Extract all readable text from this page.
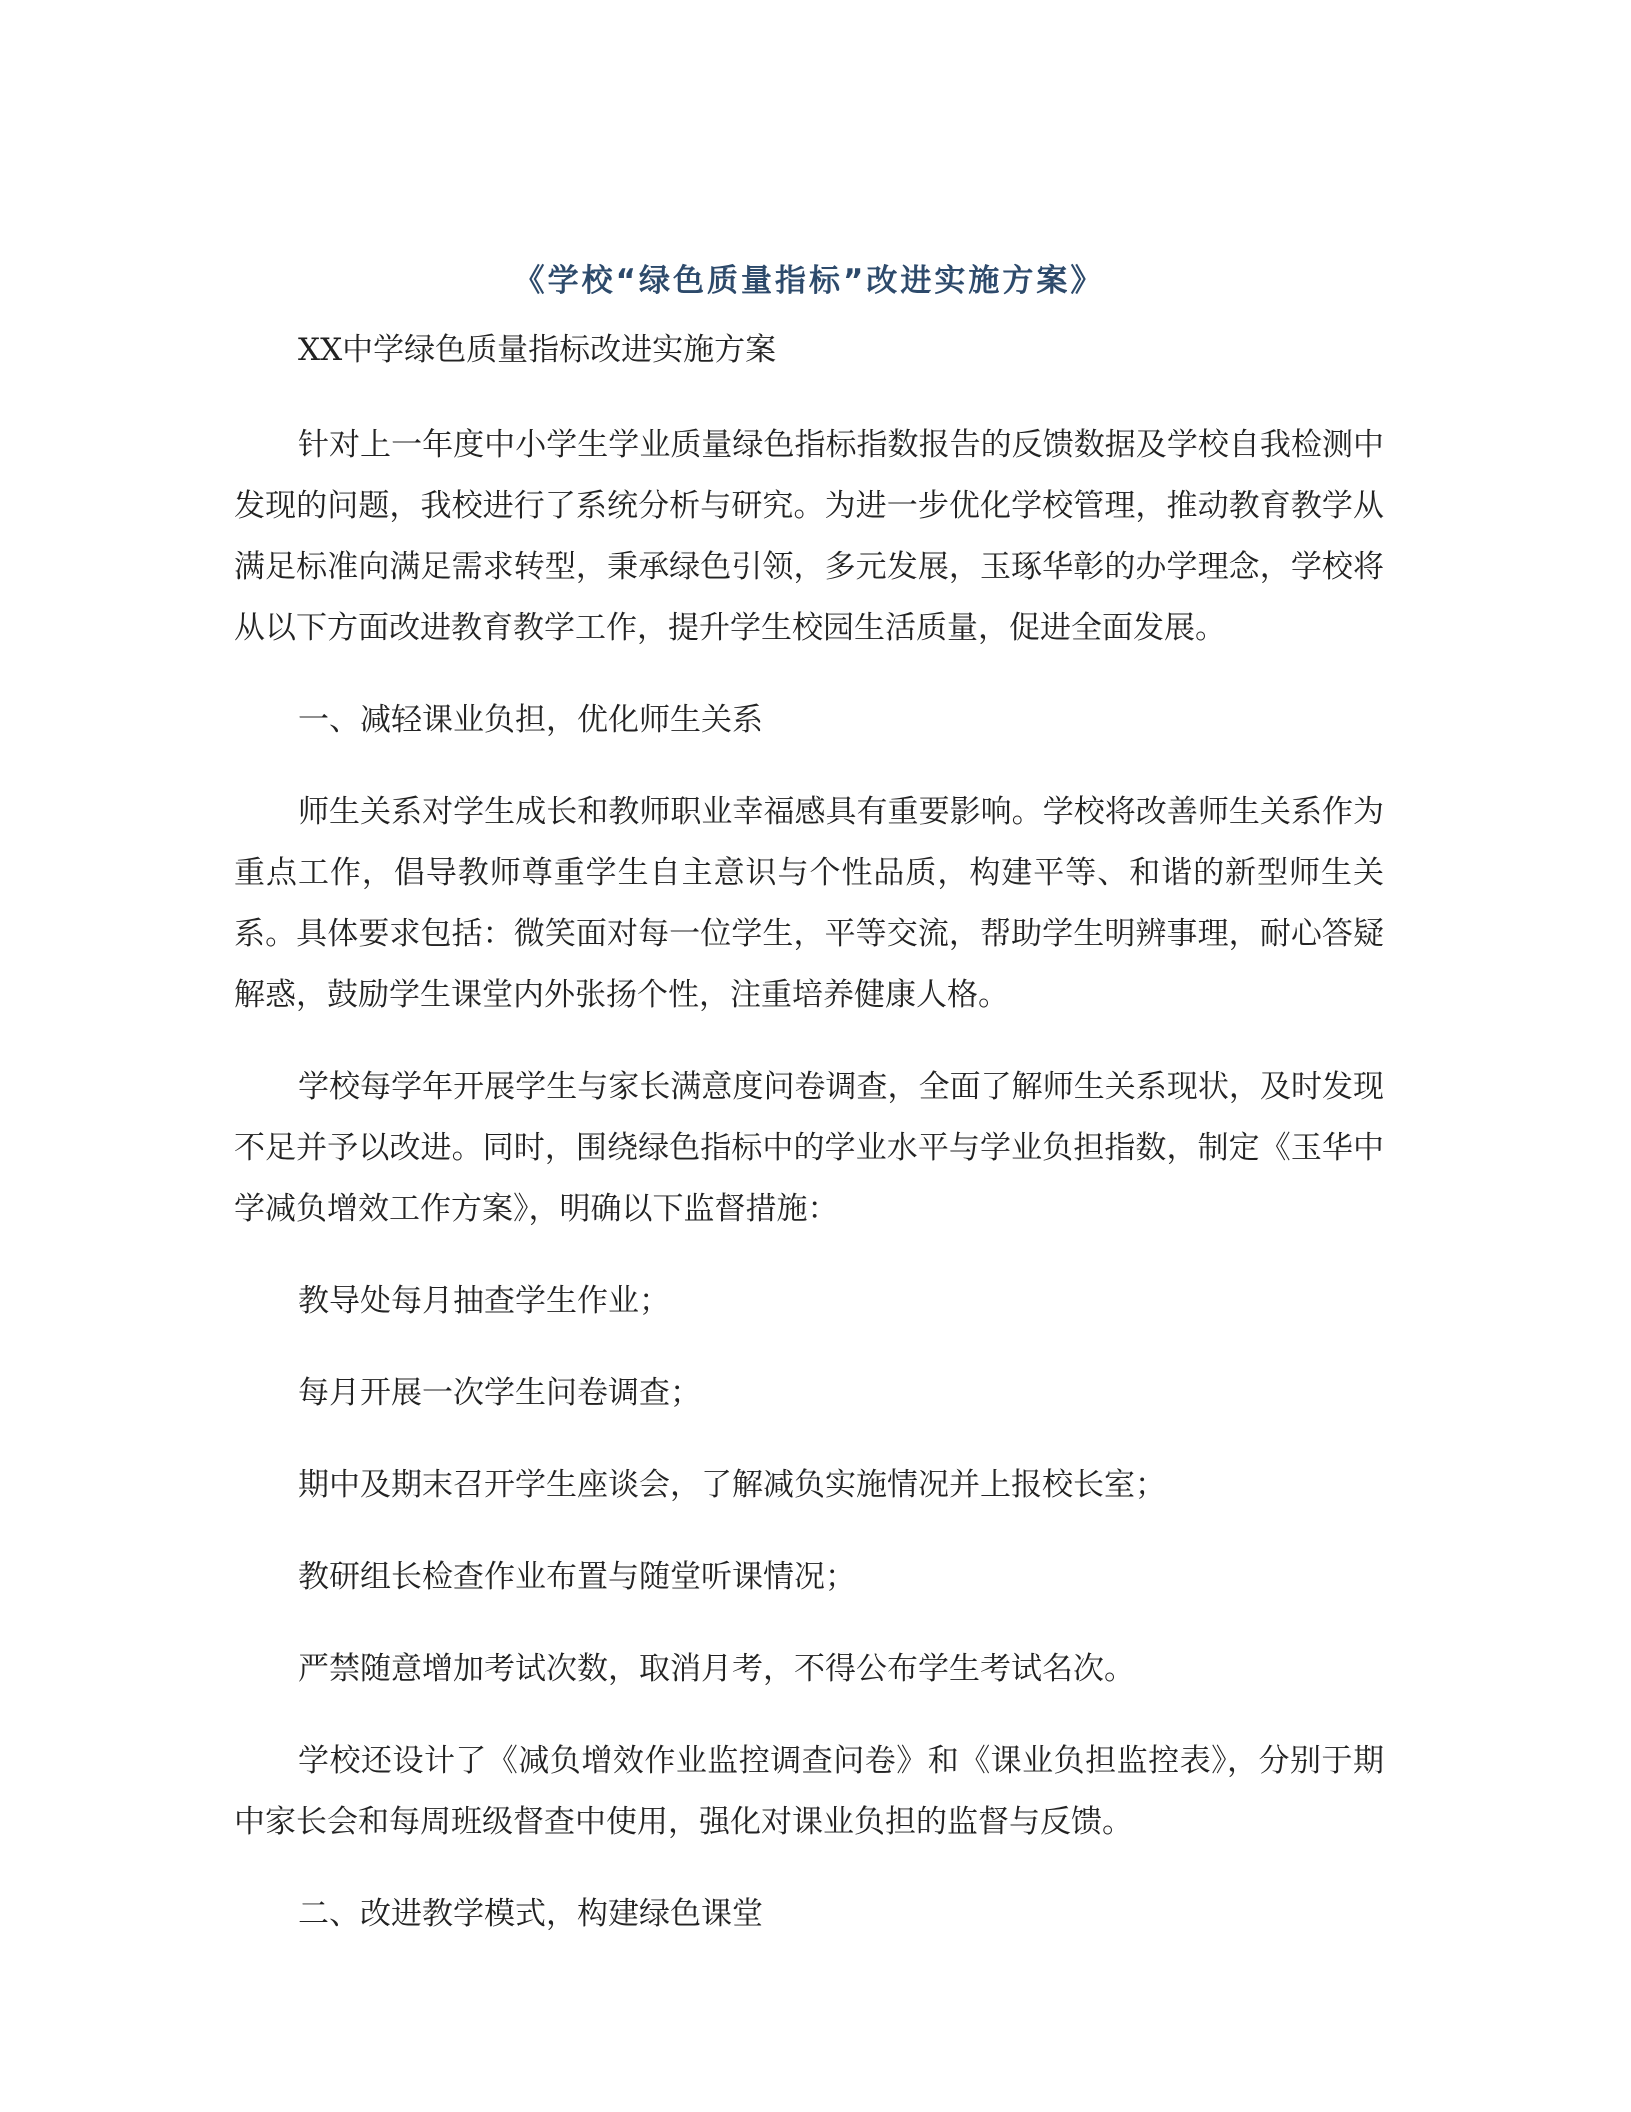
《学校“绿色质量指标”改进实施方案》
XX中学绿色质量指标改进实施方案

针对上一年度中小学生学业质量绿色指标指数报告的反馈数据及学校自我检测中发现的问题，我校进行了系统分析与研究。为进一步优化学校管理，推动教育教学从满足标准向满足需求转型，秉承绿色引领，多元发展，玉琢华彰的办学理念，学校将从以下方面改进教育教学工作，提升学生校园生活质量，促进全面发展。

一、减轻课业负担，优化师生关系

师生关系对学生成长和教师职业幸福感具有重要影响。学校将改善师生关系作为重点工作，倡导教师尊重学生自主意识与个性品质，构建平等、和谐的新型师生关系。具体要求包括：微笑面对每一位学生，平等交流，帮助学生明辨事理，耐心答疑解惑，鼓励学生课堂内外张扬个性，注重培养健康人格。

学校每学年开展学生与家长满意度问卷调查，全面了解师生关系现状，及时发现不足并予以改进。同时，围绕绿色指标中的学业水平与学业负担指数，制定《玉华中学减负增效工作方案》，明确以下监督措施：

教导处每月抽查学生作业；

每月开展一次学生问卷调查；

期中及期末召开学生座谈会，了解减负实施情况并上报校长室；

教研组长检查作业布置与随堂听课情况；

严禁随意增加考试次数，取消月考，不得公布学生考试名次。

学校还设计了《减负增效作业监控调查问卷》和《课业负担监控表》，分别于期中家长会和每周班级督查中使用，强化对课业负担的监督与反馈。

二、改进教学模式，构建绿色课堂
